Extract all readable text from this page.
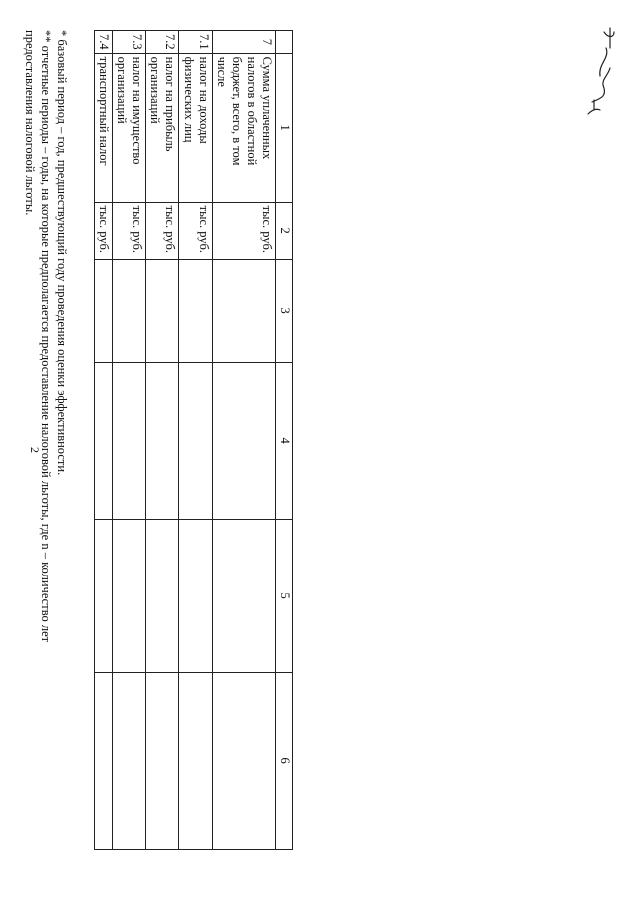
2
	1	2	3	4	5	6
7	Сумма уплаченных налогов в областной бюджет, всего, в том числе	тыс. руб.				
7.1	налог на доходы физических лиц	тыс. руб.				
7.2	налог на прибыль организаций	тыс. руб.				
7.3	налог на имущество организаций	тыс. руб.				
7.4	транспортный налог	тыс. руб.				
* базовый период – год, предшествующий году проведения оценки эффективности.
** отчетные периоды – годы, на которые предполагается предоставление налоговой льготы, где n – количество лет
предоставления налоговой льготы.
